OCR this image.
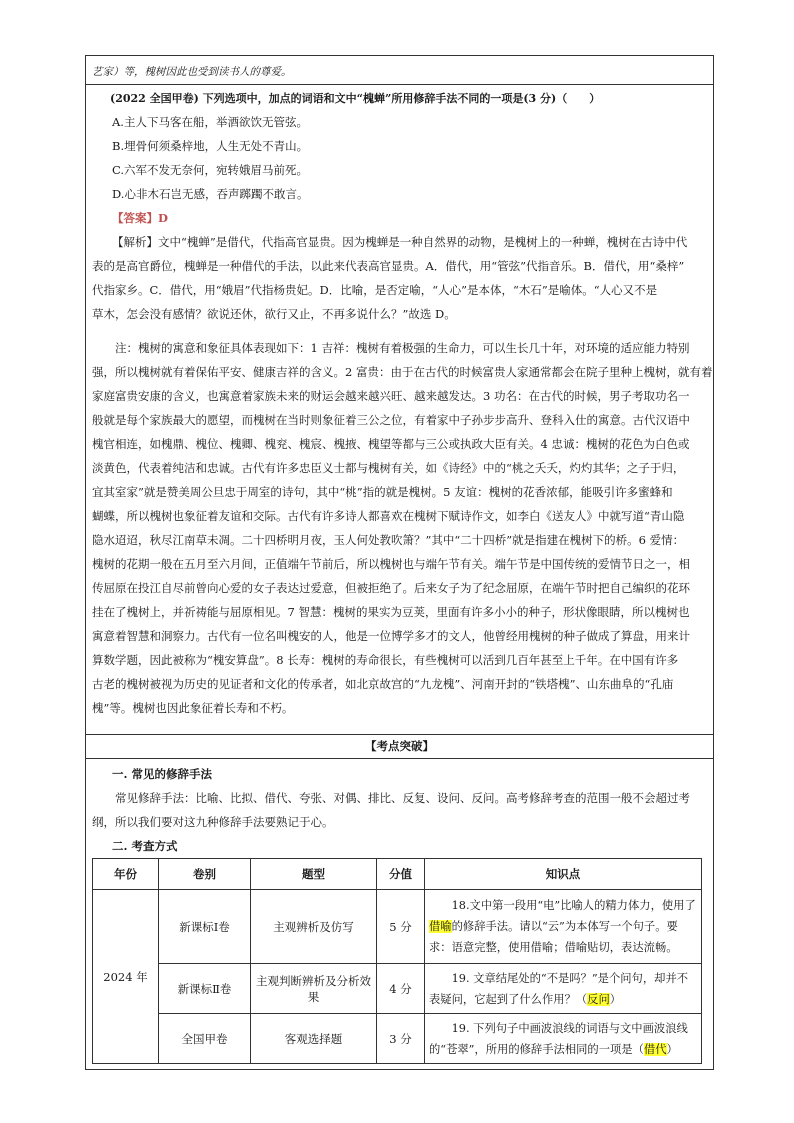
艺家）等，槐树因此也受到读书人的尊爱。
(2022 全国甲卷) 下列选项中，加点的词语和文中“槐蝉”所用修辞手法不同的一项是(3 分)（　　）
A.主人下马客在船，举酒欲饮无管弦。
B.埋骨何须桑梓地，人生无处不青山。
C.六军不发无奈何，宛转娥眉马前死。
D.心非木石岂无感，吞声踯躅不敢言。
【答案】D
【解析】文中“槐蝉”是借代，代指高官显贵。因为槐蝉是一种自然界的动物，是槐树上的一种蝉，槐树在古诗中代
表的是高官爵位，槐蝉是一种借代的手法，以此来代表高官显贵。A．借代，用“管弦”代指音乐。B．借代，用“桑梓”
代指家乡。C．借代，用“娥眉”代指杨贵妃。D．比喻，是否定喻，“人心”是本体，“木石”是喻体。“人心又不是
草木，怎会没有感情？欲说还休，欲行又止，不再多说什么？”故选 D。
　　注：槐树的寓意和象征具体表现如下：1 吉祥：槐树有着极强的生命力，可以生长几十年，对环境的适应能力特别
强，所以槐树就有着保佑平安、健康吉祥的含义。2 富贵：由于在古代的时候富贵人家通常都会在院子里种上槐树，就有着
家庭富贵安康的含义，也寓意着家族未来的财运会越来越兴旺、越来越发达。3 功名：在古代的时候，男子考取功名一
般就是每个家族最大的愿望，而槐树在当时则象征着三公之位，有着家中子孙步步高升、登科入仕的寓意。古代汉语中
槐官相连，如槐鼎、槐位、槐卿、槐兖、槐宸、槐掖、槐望等都与三公或执政大臣有关。4 忠诚：槐树的花色为白色或
淡黄色，代表着纯洁和忠诚。古代有许多忠臣义士都与槐树有关，如《诗经》中的“桃之夭夭，灼灼其华；之子于归，
宜其室家”就是赞美周公旦忠于周室的诗句，其中“桃”指的就是槐树。5 友谊：槐树的花香浓郁，能吸引许多蜜蜂和
蝴蝶，所以槐树也象征着友谊和交际。古代有许多诗人都喜欢在槐树下赋诗作文，如李白《送友人》中就写道“青山隐
隐水迢迢，秋尽江南草未凋。二十四桥明月夜，玉人何处教吹箫？”其中“二十四桥”就是指建在槐树下的桥。6 爱情：
槐树的花期一般在五月至六月间，正值端午节前后，所以槐树也与端午节有关。端午节是中国传统的爱情节日之一，相
传屈原在投江自尽前曾向心爱的女子表达过爱意，但被拒绝了。后来女子为了纪念屈原，在端午节时把自己编织的花环
挂在了槐树上，并祈祷能与屈原相见。7 智慧：槐树的果实为豆荚，里面有许多小小的种子，形状像眼睛，所以槐树也
寓意着智慧和洞察力。古代有一位名叫槐安的人，他是一位博学多才的文人，他曾经用槐树的种子做成了算盘，用来计
算数学题，因此被称为“槐安算盘”。8 长寿：槐树的寿命很长，有些槐树可以活到几百年甚至上千年。在中国有许多
古老的槐树被视为历史的见证者和文化的传承者，如北京故宫的“九龙槐”、河南开封的“铁塔槐”、山东曲阜的“孔庙
槐”等。槐树也因此象征着长寿和不朽。
【考点突破】
一. 常见的修辞手法
　　常见修辞手法：比喻、比拟、借代、夸张、对偶、排比、反复、设问、反问。高考修辞考查的范围一般不会超过考
纲，所以我们要对这九种修辞手法要熟记于心。
二. 考查方式
年份	卷别	题型	分值	知识点
2024 年	新课标Ⅰ卷	主观辨析及仿写	5 分	　　18.文中第一段用“电”比喻人的精力体力，使用了借喻的修辞手法。请以“云”为本体写一个句子。要求：语意完整，使用借喻；借喻贴切，表达流畅。
	新课标Ⅱ卷	主观判断辨析及分析效果	4 分	　　19. 文章结尾处的“不是吗？”是个问句，却并不表疑问，它起到了什么作用？（反问）
	全国甲卷	客观选择题	3 分	　　19. 下列句子中画波浪线的词语与文中画波浪线的“苍翠”，所用的修辞手法相同的一项是（借代）
